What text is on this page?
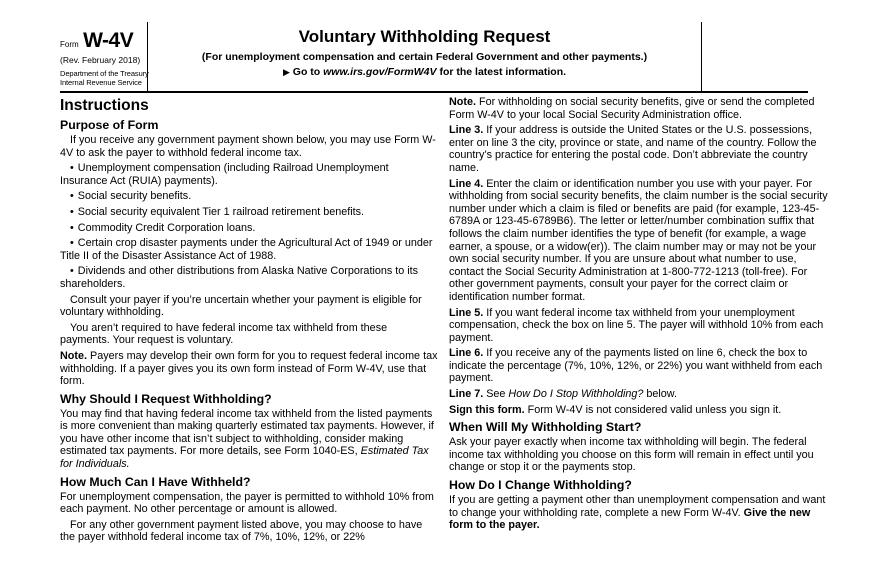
Form W-4V
(Rev. February 2018)
Department of the Treasury
Internal Revenue Service
Voluntary Withholding Request
(For unemployment compensation and certain Federal Government and other payments.)
▶ Go to www.irs.gov/FormW4V for the latest information.
Instructions
Purpose of Form

If you receive any government payment shown below, you may use Form W-4V to ask the payer to withhold federal income tax.

• Unemployment compensation (including Railroad Unemployment Insurance Act (RUIA) payments).

• Social security benefits.

• Social security equivalent Tier 1 railroad retirement benefits.

• Commodity Credit Corporation loans.

• Certain crop disaster payments under the Agricultural Act of 1949 or under Title II of the Disaster Assistance Act of 1988.

• Dividends and other distributions from Alaska Native Corporations to its shareholders.

Consult your payer if you’re uncertain whether your payment is eligible for voluntary withholding.

You aren’t required to have federal income tax withheld from these payments. Your request is voluntary.

Note. Payers may develop their own form for you to request federal income tax withholding. If a payer gives you its own form instead of Form W-4V, use that form.

Why Should I Request Withholding?

You may find that having federal income tax withheld from the listed payments is more convenient than making quarterly estimated tax payments. However, if you have other income that isn’t subject to withholding, consider making estimated tax payments. For more details, see Form 1040-ES, Estimated Tax for Individuals.

How Much Can I Have Withheld?

For unemployment compensation, the payer is permitted to withhold 10% from each payment. No other percentage or amount is allowed.

For any other government payment listed above, you may choose to have the payer withhold federal income tax of 7%, 10%, 12%, or 22%

Note. For withholding on social security benefits, give or send the completed Form W-4V to your local Social Security Administration office.

Line 3. If your address is outside the United States or the U.S. possessions, enter on line 3 the city, province or state, and name of the country. Follow the country’s practice for entering the postal code. Don’t abbreviate the country name.

Line 4. Enter the claim or identification number you use with your payer. For withholding from social security benefits, the claim number is the social security number under which a claim is filed or benefits are paid (for example, 123-45-6789A or 123-45-6789B6). The letter or letter/number combination suffix that follows the claim number identifies the type of benefit (for example, a wage earner, a spouse, or a widow(er)). The claim number may or may not be your own social security number. If you are unsure about what number to use, contact the Social Security Administration at 1-800-772-1213 (toll-free). For other government payments, consult your payer for the correct claim or identification number format.

Line 5. If you want federal income tax withheld from your unemployment compensation, check the box on line 5. The payer will withhold 10% from each payment.

Line 6. If you receive any of the payments listed on line 6, check the box to indicate the percentage (7%, 10%, 12%, or 22%) you want withheld from each payment.

Line 7. See How Do I Stop Withholding? below.

Sign this form. Form W-4V is not considered valid unless you sign it.

When Will My Withholding Start?

Ask your payer exactly when income tax withholding will begin. The federal income tax withholding you choose on this form will remain in effect until you change or stop it or the payments stop.

How Do I Change Withholding?

If you are getting a payment other than unemployment compensation and want to change your withholding rate, complete a new Form W-4V. Give the new form to the payer.
